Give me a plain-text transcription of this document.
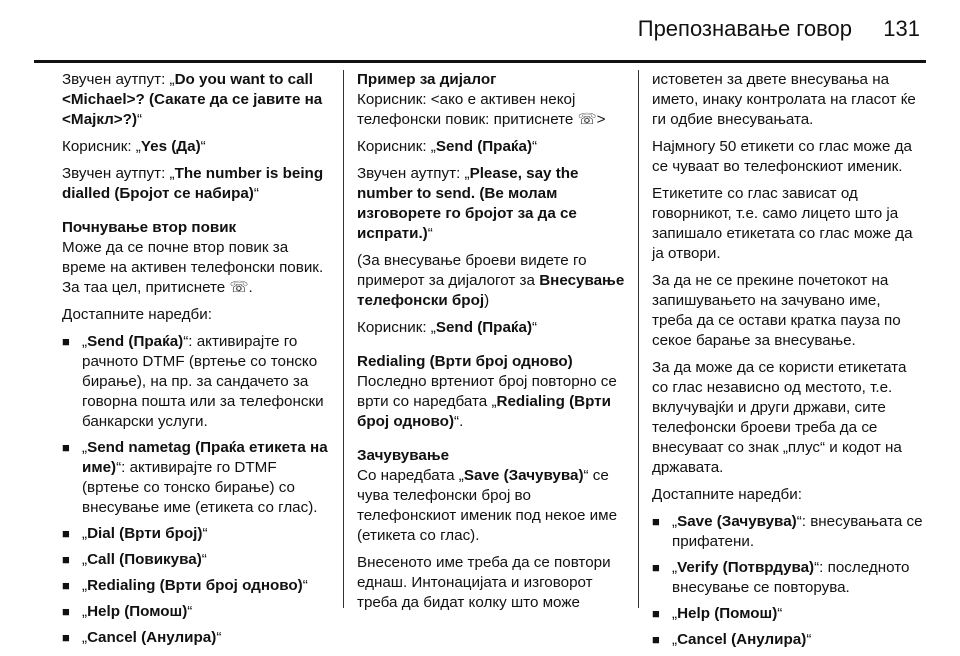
Препознавање говор 131

Звучен аутпут: „Do you want to call <Michael>? (Сакате да се јавите на <Мајкл>?)“

Корисник: „Yes (Да)“

Звучен аутпут: „The number is being dialled (Бројот се набира)“

Почнување втор повик

Може да се почне втор повик за време на активен телефонски повик. За таа цел, притиснете ☏.

Достапните наредби:

■ „Send (Праќа)“: активирајте го рачното DTMF (вртење со тонско бирање), на пр. за сандачето за говорна пошта или за телефонски банкарски услуги.
■ „Send nametag (Праќа етикета на име)“: активирајте го DTMF (вртење со тонско бирање) со внесување име (етикета со глас).
■ „Dial (Врти број)“
■ „Call (Повикува)“
■ „Redialing (Врти број одново)“
■ „Help (Помош)“
■ „Cancel (Анулира)“

Пример за дијалог

Корисник: <ако е активен некој телефонски повик: притиснете ☏>

Корисник: „Send (Праќа)“

Звучен аутпут: „Please, say the number to send. (Ве молам изговорете го бројот за да се испрати.)“

(За внесување броеви видете го примерот за дијалогот за Внесување телефонски број)

Корисник: „Send (Праќа)“

Redialing (Врти број одново)

Последно вртениот број повторно се врти со наредбата „Redialing (Врти број одново)“.

Зачувување

Со наредбата „Save (Зачувува)“ се чува телефонски број во телефонскиот именик под некое име (етикета со глас).

Внесеното име треба да се повтори еднаш. Интонацијата и изговорот треба да бидат колку што може

истоветен за двете внесувања на името, инаку контролата на гласот ќе ги одбие внесувањата.

Најмногу 50 етикети со глас може да се чуваат во телефонскиот именик.

Етикетите со глас зависат од говорникот, т.е. само лицето што ја запишало етикетата со глас може да ја отвори.

За да не се прекине почетокот на запишувањето на зачувано име, треба да се остави кратка пауза по секое барање за внесување.

За да може да се користи етикетата со глас независно од местото, т.е. вклучувајќи и други држави, сите телефонски броеви треба да се внесуваат со знак „плус“ и кодот на државата.

Достапните наредби:

■ „Save (Зачувува)“: внесувањата се прифатени.
■ „Verify (Потврдува)“: последното внесување се повторува.
■ „Help (Помош)“
■ „Cancel (Анулира)“
